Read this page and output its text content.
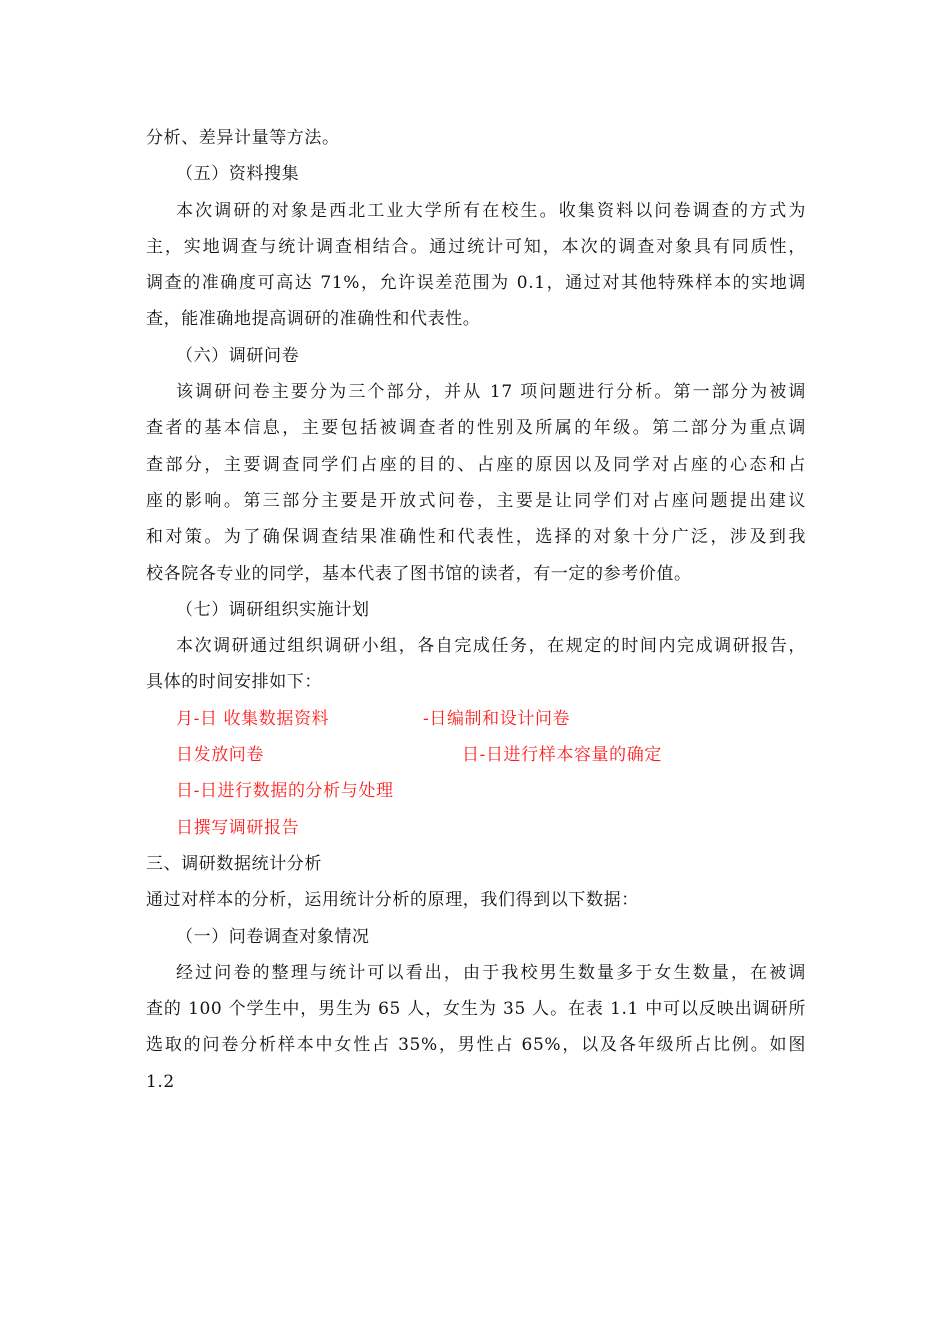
分析、差异计量等方法。
（五）资料搜集
本次调研的对象是西北工业大学所有在校生。收集资料以问卷调查的方式为
主，实地调查与统计调查相结合。通过统计可知，本次的调查对象具有同质性，
调查的准确度可高达 71%，允许误差范围为 0.1，通过对其他特殊样本的实地调
查，能准确地提高调研的准确性和代表性。
（六）调研问卷
该调研问卷主要分为三个部分，并从 17 项问题进行分析。第一部分为被调
查者的基本信息，主要包括被调查者的性别及所属的年级。第二部分为重点调
查部分，主要调查同学们占座的目的、占座的原因以及同学对占座的心态和占
座的影响。第三部分主要是开放式问卷，主要是让同学们对占座问题提出建议
和对策。为了确保调查结果准确性和代表性，选择的对象十分广泛，涉及到我
校各院各专业的同学，基本代表了图书馆的读者，有一定的参考价值。
（七）调研组织实施计划
本次调研通过组织调研小组，各自完成任务，在规定的时间内完成调研报告，
具体的时间安排如下：
月-日 收集数据资料	-日编制和设计问卷
日发放问卷	日-日进行样本容量的确定
日-日进行数据的分析与处理
日撰写调研报告
三、调研数据统计分析
通过对样本的分析，运用统计分析的原理，我们得到以下数据：
（一）问卷调查对象情况
经过问卷的整理与统计可以看出，由于我校男生数量多于女生数量，在被调
查的 100 个学生中，男生为 65 人，女生为 35 人。在表 1.1 中可以反映出调研所
选取的问卷分析样本中女性占 35%，男性占 65%，以及各年级所占比例。如图
1.2
